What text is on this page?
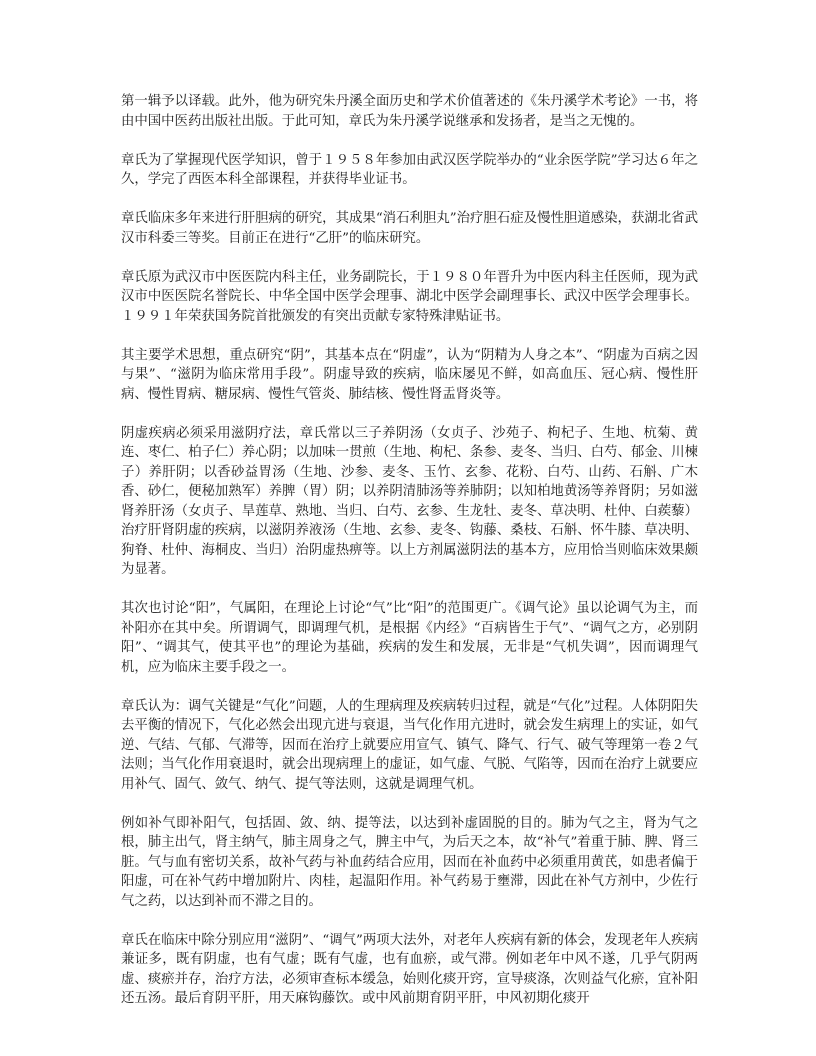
第一辑予以译载。此外，他为研究朱丹溪全面历史和学术价值著述的《朱丹溪学术考论》一书，将由中国中医药出版社出版。于此可知，章氏为朱丹溪学说继承和发扬者，是当之无愧的。

章氏为了掌握现代医学知识，曾于１９５８年参加由武汉医学院举办的“业余医学院”学习达６年之久，学完了西医本科全部课程，并获得毕业证书。

章氏临床多年来进行肝胆病的研究，其成果“消石利胆丸”治疗胆石症及慢性胆道感染，获湖北省武汉市科委三等奖。目前正在进行“乙肝”的临床研究。

章氏原为武汉市中医医院内科主任，业务副院长，于１９８０年晋升为中医内科主任医师，现为武汉市中医医院名誉院长、中华全国中医学会理事、湖北中医学会副理事长、武汉中医学会理事长。１９９１年荣获国务院首批颁发的有突出贡献专家特殊津贴证书。

其主要学术思想，重点研究“阴”，其基本点在“阴虚”，认为“阴精为人身之本”、“阴虚为百病之因与果”、“滋阴为临床常用手段”。阴虚导致的疾病，临床屡见不鲜，如高血压、冠心病、慢性肝病、慢性胃病、糖尿病、慢性气管炎、肺结核、慢性肾盂肾炎等。

阴虚疾病必须采用滋阴疗法，章氏常以三子养阴汤（女贞子、沙苑子、枸杞子、生地、杭菊、黄连、枣仁、柏子仁）养心阴；以加味一贯煎（生地、枸杞、条参、麦冬、当归、白芍、郁金、川楝子）养肝阴；以香砂益胃汤（生地、沙参、麦冬、玉竹、玄参、花粉、白芍、山药、石斛、广木香、砂仁，便秘加熟军）养脾（胃）阴；以养阴清肺汤等养肺阴；以知柏地黄汤等养肾阴；另如滋肾养肝汤（女贞子、旱莲草、熟地、当归、白芍、玄参、生龙牡、麦冬、草决明、杜仲、白蒺藜）治疗肝肾阴虚的疾病，以滋阴养液汤（生地、玄参、麦冬、钩藤、桑枝、石斛、怀牛膝、草决明、狗脊、杜仲、海桐皮、当归）治阴虚热痹等。以上方剂属滋阴法的基本方，应用恰当则临床效果颇为显著。

其次也讨论“阳”，气属阳，在理论上讨论“气”比“阳”的范围更广。《调气论》虽以论调气为主，而补阳亦在其中矣。所谓调气，即调理气机，是根据《内经》“百病皆生于气”、“调气之方，必别阴阳”、“调其气，使其平也”的理论为基础，疾病的发生和发展，无非是“气机失调”，因而调理气机，应为临床主要手段之一。

章氏认为：调气关键是“气化”问题，人的生理病理及疾病转归过程，就是“气化”过程。人体阴阳失去平衡的情况下，气化必然会出现亢进与衰退，当气化作用亢进时，就会发生病理上的实证，如气逆、气结、气郁、气滞等，因而在治疗上就要应用宣气、镇气、降气、行气、破气等理第一卷２气法则；当气化作用衰退时，就会出现病理上的虚证，如气虚、气脱、气陷等，因而在治疗上就要应用补气、固气、敛气、纳气、提气等法则，这就是调理气机。

例如补气即补阳气，包括固、敛、纳、提等法，以达到补虚固脱的目的。肺为气之主，肾为气之根，肺主出气，肾主纳气，肺主周身之气，脾主中气，为后天之本，故“补气”着重于肺、脾、肾三脏。气与血有密切关系，故补气药与补血药结合应用，因而在补血药中必须重用黄芪，如患者偏于阳虚，可在补气药中增加附片、肉桂，起温阳作用。补气药易于壅滞，因此在补气方剂中，少佐行气之药，以达到补而不滞之目的。

章氏在临床中除分别应用“滋阴”、“调气”两项大法外，对老年人疾病有新的体会，发现老年人疾病兼证多，既有阴虚，也有气虚；既有气虚，也有血瘀，或气滞。例如老年中风不遂，几乎气阴两虚、痰瘀并存，治疗方法，必须审查标本缓急，始则化痰开窍，宣导痰涤，次则益气化瘀，宜补阳还五汤。最后育阴平肝，用天麻钩藤饮。或中风前期育阴平肝，中风初期化痰开
